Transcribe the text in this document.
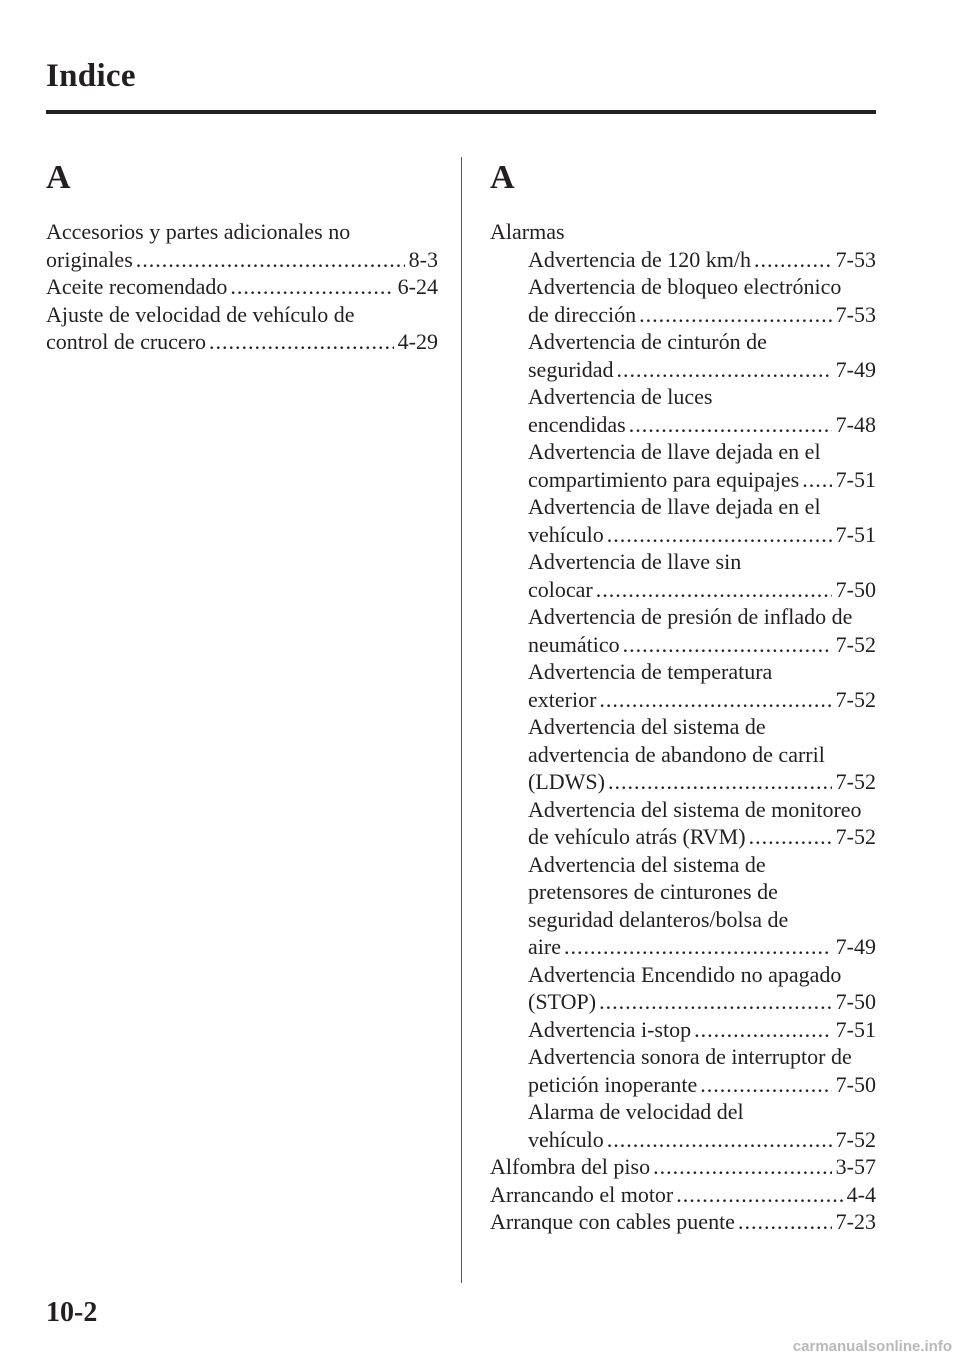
Indice
A
Accesorios y partes adicionales no
originales .....	8-3
Aceite recomendado .....	6-24
Ajuste de velocidad de vehículo de
control de crucero .....	4-29
A
Alarmas
Advertencia de 120 km/h .....	7-53
Advertencia de bloqueo electrónico
de dirección .....	7-53
Advertencia de cinturón de
seguridad .....	7-49
Advertencia de luces
encendidas .....	7-48
Advertencia de llave dejada en el
compartimiento para equipajes ..... 7-51
Advertencia de llave dejada en el
vehículo .....	7-51
Advertencia de llave sin
colocar .....	7-50
Advertencia de presión de inflado de
neumático .....	7-52
Advertencia de temperatura
exterior .....	7-52
Advertencia del sistema de
advertencia de abandono de carril
(LDWS) .....	7-52
Advertencia del sistema de monitoreo
de vehículo atrás (RVM) .....	7-52
Advertencia del sistema de
pretensores de cinturones de
seguridad delanteros/bolsa de
aire .....	7-49
Advertencia Encendido no apagado
(STOP) .....	7-50
Advertencia i-stop .....	7-51
Advertencia sonora de interruptor de
petición inoperante .....	7-50
Alarma de velocidad del
vehículo .....	7-52
Alfombra del piso .....	3-57
Arrancando el motor .....	4-4
Arranque con cables puente .....	7-23
10-2
carmanualsonline.info
